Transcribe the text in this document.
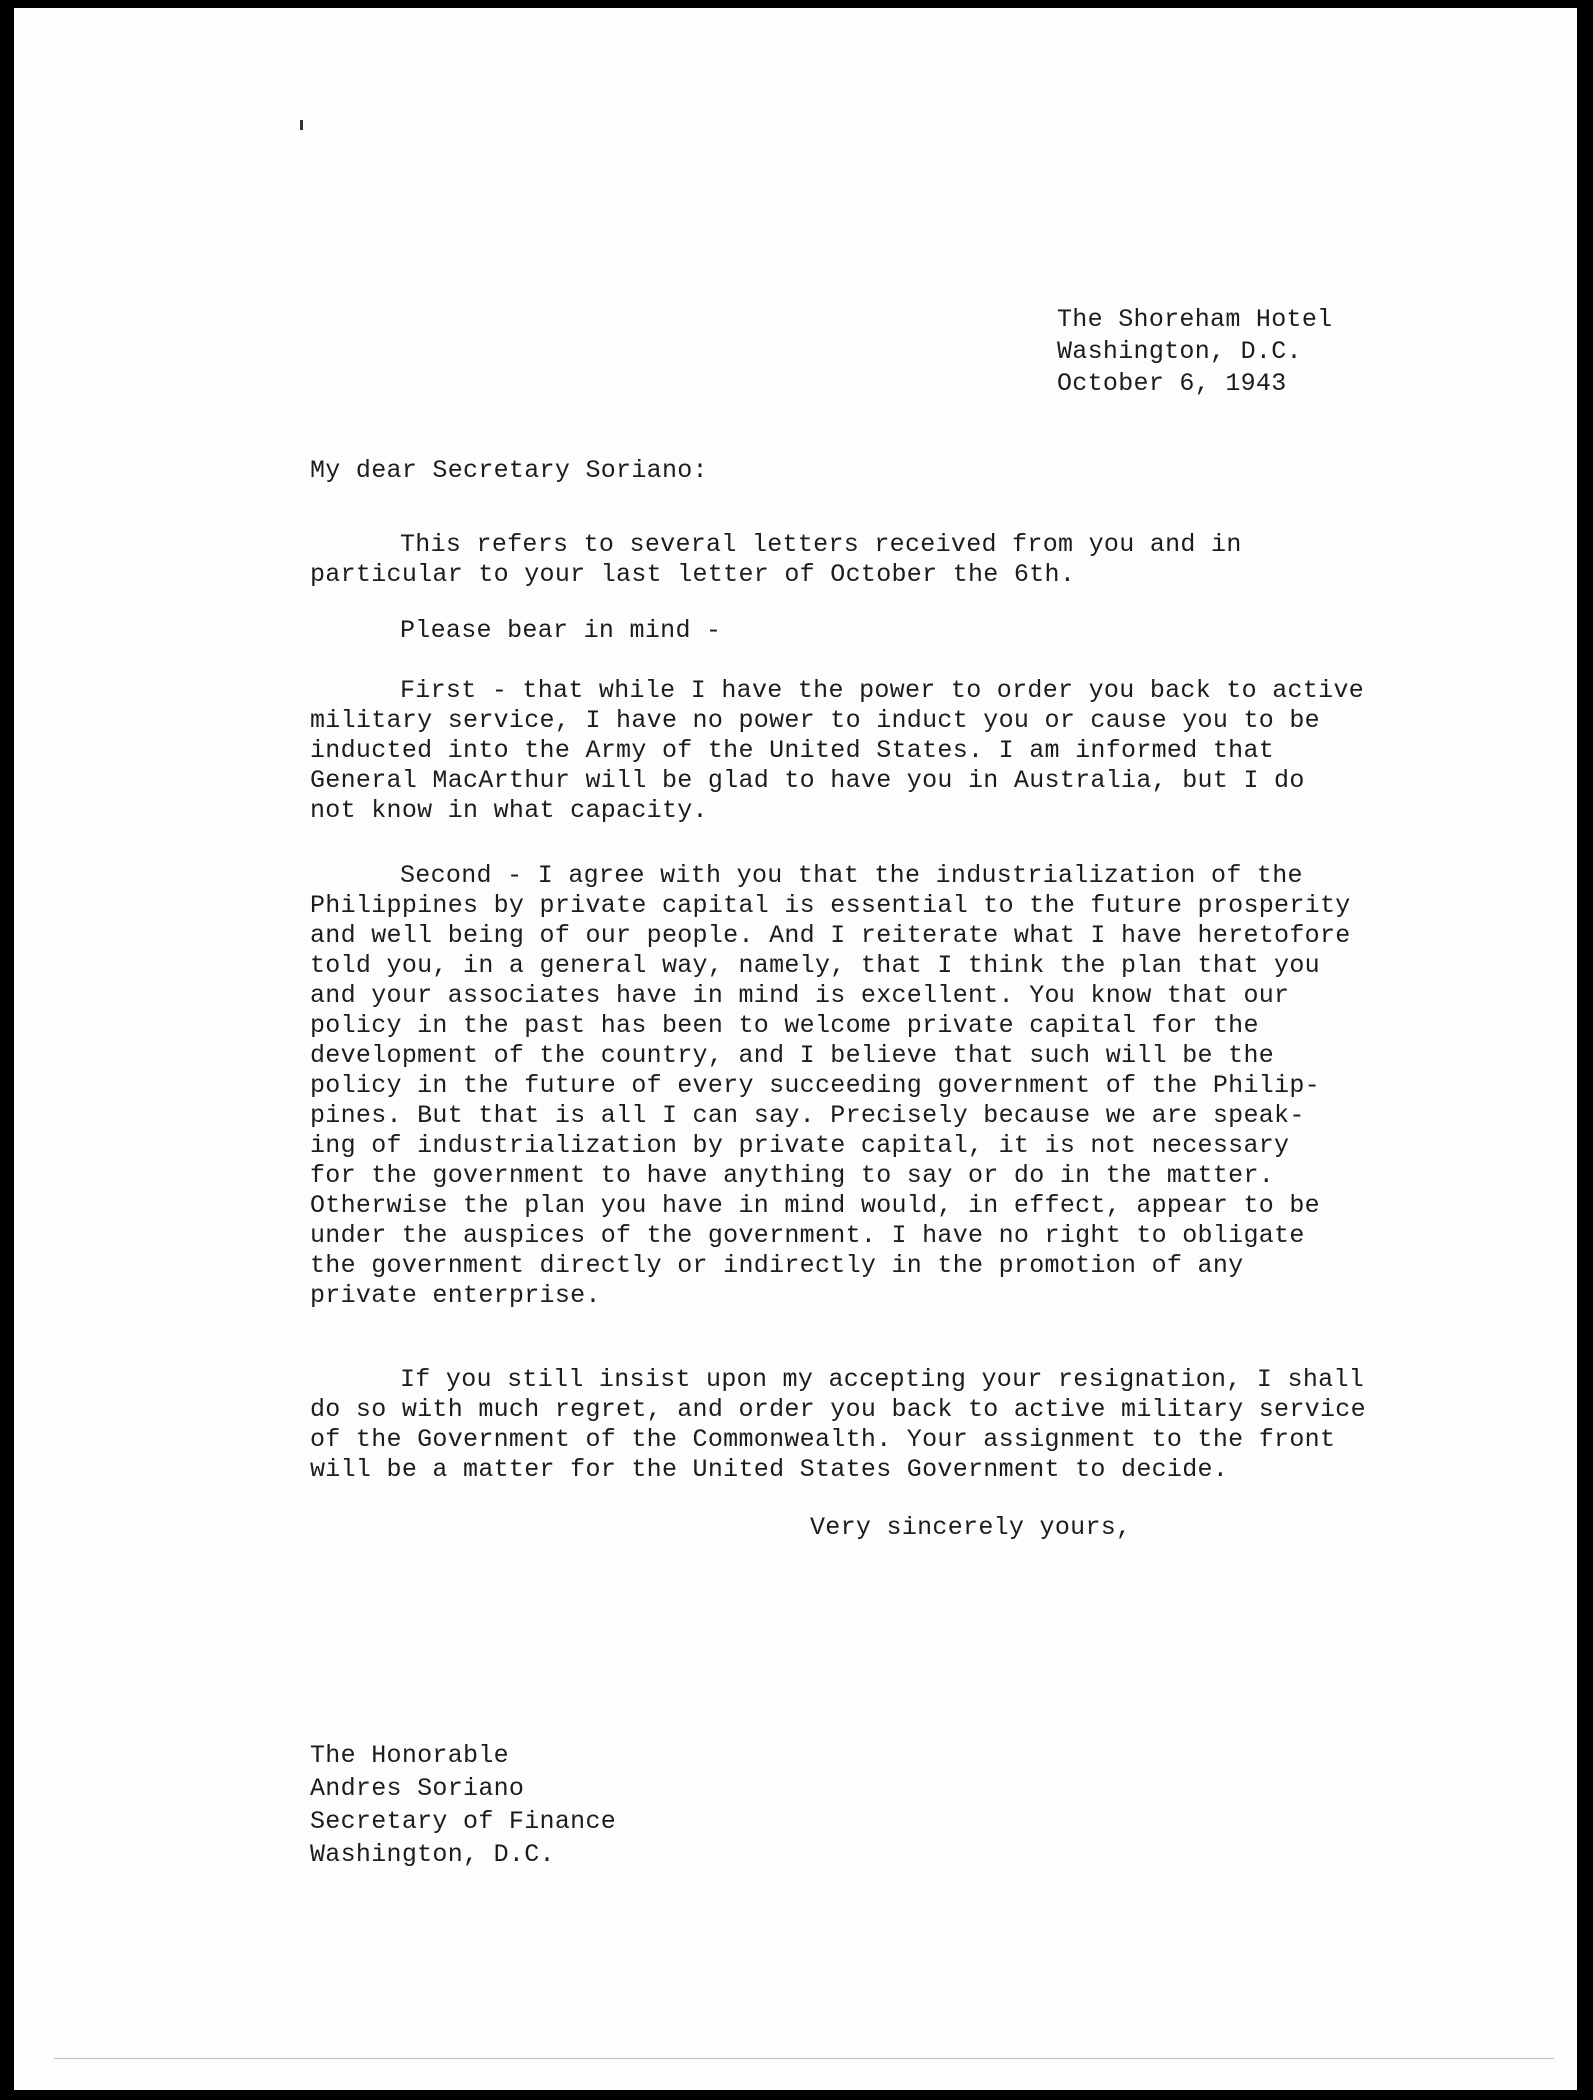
The Shoreham Hotel
Washington, D.C.
October 6, 1943
My dear Secretary Soriano:
This refers to several letters received from you and in
particular to your last letter of October the 6th.
Please bear in mind -
First - that while I have the power to order you back to active
military service, I have no power to induct you or cause you to be
inducted into the Army of the United States. I am informed that
General MacArthur will be glad to have you in Australia, but I do
not know in what capacity.
Second - I agree with you that the industrialization of the
Philippines by private capital is essential to the future prosperity
and well being of our people. And I reiterate what I have heretofore
told you, in a general way, namely, that I think the plan that you
and your associates have in mind is excellent. You know that our
policy in the past has been to welcome private capital for the
development of the country, and I believe that such will be the
policy in the future of every succeeding government of the Philip-
pines. But that is all I can say. Precisely because we are speak-
ing of industrialization by private capital, it is not necessary
for the government to have anything to say or do in the matter.
Otherwise the plan you have in mind would, in effect, appear to be
under the auspices of the government. I have no right to obligate
the government directly or indirectly in the promotion of any
private enterprise.
If you still insist upon my accepting your resignation, I shall
do so with much regret, and order you back to active military service
of the Government of the Commonwealth. Your assignment to the front
will be a matter for the United States Government to decide.
Very sincerely yours,
The Honorable
Andres Soriano
Secretary of Finance
Washington, D.C.
